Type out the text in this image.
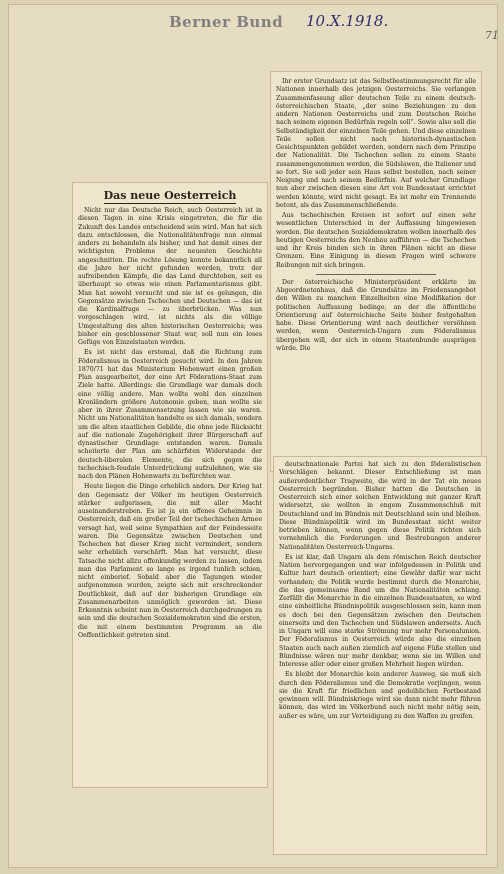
Berner Bund 10.X.1918.
71
Das neue Oesterreich

Nicht nur das Deutsche Reich, auch Oesterreich ist in diesen Tagen in eine Krisis eingetreten, die für die Zukunft des Landes entscheidend sein wird. Man hat sich dazu entschlossen, die Nationalitätenfrage nun einmal anders zu behandeln als bisher, und hat damit eines der wichtigsten Probleme der neuesten Geschichte angeschnitten. Die rechte Lösung konnte bekanntlich all die Jahre her nicht gefunden werden, trotz der aufreibenden Kämpfe, die das Land durchtoben, seit es überhaupt so etwas wie einen Parlamentarismus gibt. Man hat sowohl versucht und nie ist es gelungen, die Gegensätze zwischen Tschechen und Deutschen — das ist die Kardinalfrage — zu überbrücken. Was nun vorgeschlagen wird, ist nichts als die völlige Umgestaltung des alten historischen Oesterreichs; was bisher ein geschlossener Staat war, soll nun ein loses Gefüge von Einzelstaaten werden.

Es ist nicht das erstemal, daß die Richtung zum Föderalismus in Oesterreich gesucht wird. In den Jahren 1870/71 hat das Ministerium Hohenwart einen großen Plan ausgearbeitet, der eine Art Föderations-Staat zum Ziele hatte. Allerdings: die Grundlage war damals doch eine völlig andere. Man wollte wohl den einzelnen Kronländern größere Autonomie geben, man wollte sie aber in ihrer Zusammensetzung lassen wie sie waren. Nicht um Nationalitäten handelte es sich damals, sondern um die alten staatlichen Gebilde, die ohne jede Rücksicht auf die nationale Zugehörigkeit ihrer Bürgerschaft auf dynastischer Grundlage entstanden waren. Damals scheiterte der Plan am schärfsten Widerstande der deutsch-liberalen Elemente, die sich gegen die tschechisch-feudale Unterdrückung aufzulehnen, wie sie nach den Plänen Hohenwarts zu befürchten war.

Heute liegen die Dinge erheblich anders. Der Krieg hat den Gegensatz der Völker im heutigen Oesterreich stärker aufgerissen, die mit aller Macht auseinanderstreben. Es ist ja ein offenes Geheimnis in Oesterreich, daß ein großer Teil der tschechischen Armee versagt hat, weil seine Sympathien auf der Feindesseite waren. Die Gegensätze zwischen Deutschen und Tschechen hat dieser Krieg nicht vermindert, sondern sehr erheblich verschärft. Man hat versucht, diese Tatsache nicht allzu offenkundig werden zu lassen, indem man das Parlament so lange es irgend tunlich schien, nicht einberief. Sobald aber die Tagungen wieder aufgenommen wurden, zeigte sich mit erschreckender Deutlichkeit, daß auf der bisherigen Grundlage ein Zusammenarbeiten unmöglich geworden ist. Diese Erkenntnis scheint nun in Oesterreich durchgedrungen zu sein und die deutschen Sozialdemokraten sind die ersten, die mit einem bestimmten Programm an die Oeffentlichkeit getreten sind.

Ihr erster Grundsatz ist das Selbstbestimmungsrecht für alle Nationen innerhalb des jetzigen Oesterreichs. Sie verlangen Zusammenfassung aller deutschen Teile zu einem deutsch-österreichischen Staate, „der seine Beziehungen zu den andern Nationen Oesterreichs und zum Deutschen Reiche nach seinem eigenen Bedürfnis regeln soll“. Sowie also soll die Selbständigkeit der einzelnen Teile gehen. Und diese einzelnen Teile sollen nicht nach historisch-dynastischen Gesichtspunkten gebildet werden, sondern nach dem Prinzipe der Nationalität. Die Tschechen sollen zu einem Staate zusammengenommen werden, die Südslawen, die Italiener und so fort. Sie soll jeder sein Haus selbst bestellen, nach seiner Neigung und nach seinem Bedürfnis. Auf welcher Grundlage nun aber zwischen diesen eine Art von Bundesstaat errichtet werden könnte, wird nicht gesagt. Es ist mehr ein Trennende betont, als das Zusammenschließende.

Aus tschechischen Kreisen ist sofort auf einen sehr wesentlichen Unterschied in der Auffassung hingewiesen worden. Die deutschen Sozialdemokraten wollen innerhalb des heutigen Oesterreichs den Neubau aufführen — die Tschechen und ihr Kreis binden sich in ihren Plänen nicht an diese Grenzen. Eine Einigung in diesen Fragen wird schwere Reibungen mit sich bringen.

Der österreichische Ministerpräsident erklärte im Abgeordnetenhaus, daß die Grundsätze im Friedensangebot den Willen zu manchen Einzelheiten eine Modifikation der politischen Auffassung bedinge, an der die öffentliche Orientierung auf österreichische Seite bisher festgehalten habe. Diese Orientierung wird nach deutlicher versöhnen werden, wenn Oesterreich-Ungarn zum Föderalismus übergehen will, der sich in einem Staatenbunde ausprägen würde. Die

deutschnationale Partei hat sich zu den föderalistischen Vorschlägen bekannt. Dieser Entschließung ist man außerordentlicher Tragweite, die wird in der Tat ein neues Oesterreich begründen. Bisher hatten die Deutschen in Oesterreich sich einer solchen Entwicklung mit ganzer Kraft widersetzt, sie wollten in engem Zusammenschluß mit Deutschland und im Bündnis mit Deutschland sein und bleiben. Diese Bündnispolitik wird im Bundesstaat nicht weiter betrieben können, wenn gegen diese Politik richten sich vornehmlich die Forderungen und Bestrebungen anderer Nationalitäten Oesterreich-Ungarns.

Es ist klar, daß Ungarn als dem römischen Reich deutscher Nation hervorgegangen und war infolgedessen in Politik und Kultur hart deutsch orientiert; eine Gewähr dafür war nicht vorhanden; die Politik wurde bestimmt durch die Monarchie, die das gemeinsame Band um die Nationalitäten schlang. Zerfällt die Monarchie in die einzelnen Bundesstaaten, so wird eine einheitliche Bündnispolitik ausgeschlossen sein, kann man es doch bei den Gegensätzen zwischen den Deutschen einerseits und den Tschechen und Südslawen anderseits. Auch in Ungarn will eine starke Strömung nur mehr Personalunion. Der Föderalismus in Oesterreich würde also die einzelnen Staaten auch nach außen ziemlich auf eigene Füße stellen und Bündnisse wären nur mehr denkbar, wenn sie im Willen und Interesse aller oder einer großen Mehrheit liegen würden.

Es bleibt der Monarchie kein anderer Ausweg, sie muß sich durch den Föderalismus und die Demokratie verjüngen, wenn sie die Kraft für friedlichen und gedeihlichen Fortbestand gewinnen will. Bündniskriege wird sie dann nicht mehr führen können, das wird im Völkerbund auch nicht mehr nötig sein, außer es wäre, um zur Verteidigung zu den Waffen zu greifen.
